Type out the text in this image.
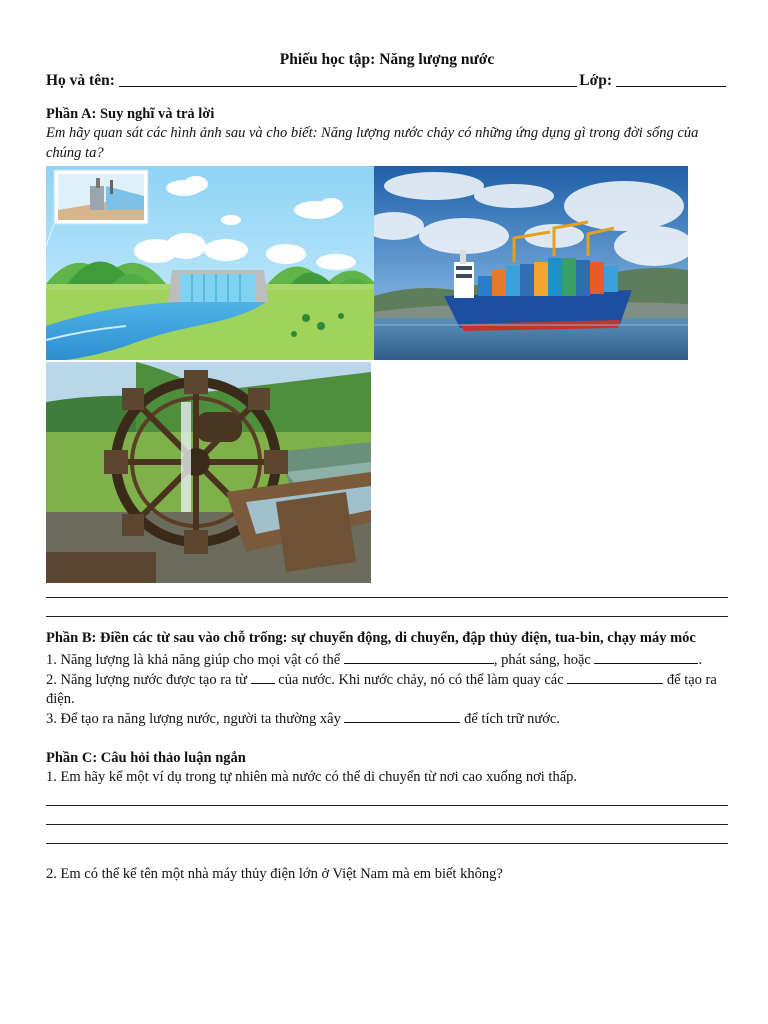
Phiếu học tập: Năng lượng nước
Họ và tên:	Lớp:
Phần A: Suy nghĩ và trả lời
Em hãy quan sát các hình ảnh sau và cho biết: Năng lượng nước chảy có những ứng dụng gì trong đời sống của chúng ta?
Phần B: Điền các từ sau vào chỗ trống: sự chuyển động, di chuyển, đập thủy điện, tua-bin, chạy máy móc
1. Năng lượng là khả năng giúp cho mọi vật có thể	, phát sáng, hoặc	.
2. Năng lượng nước được tạo ra từ của nước. Khi nước chảy, nó có thể làm quay các	để tạo ra điện.
3. Để tạo ra năng lượng nước, người ta thường xây	để tích trữ nước.
Phần C: Câu hỏi thảo luận ngắn
1. Em hãy kể một ví dụ trong tự nhiên mà nước có thể di chuyển từ nơi cao xuống nơi thấp.
2. Em có thể kể tên một nhà máy thủy điện lớn ở Việt Nam mà em biết không?
